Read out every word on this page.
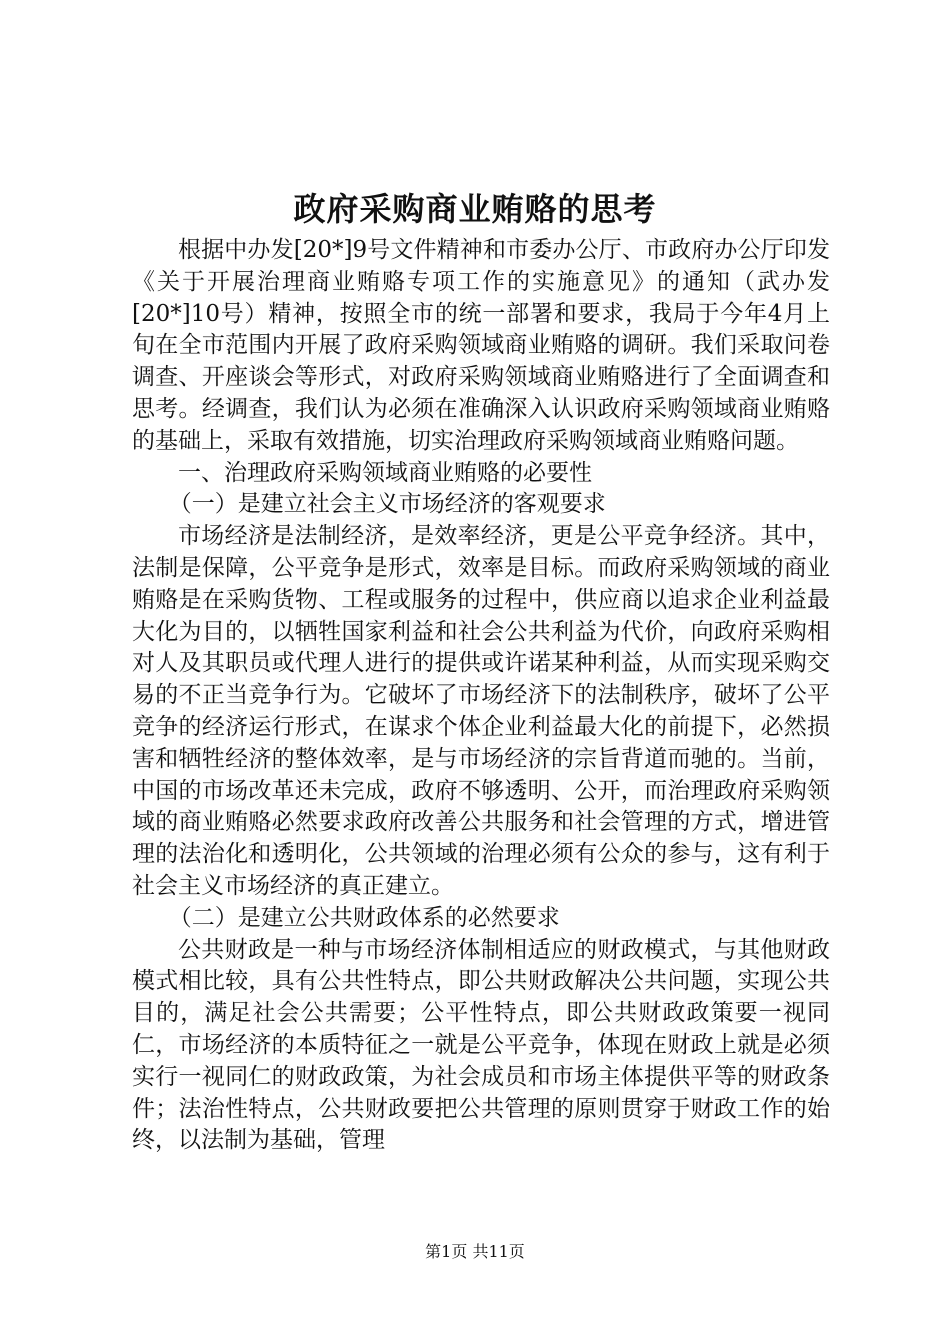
政府采购商业贿赂的思考

根据中办发[20*]9号文件精神和市委办公厅、市政府办公厅印发《关于开展治理商业贿赂专项工作的实施意见》的通知（武办发[20*]10号）精神，按照全市的统一部署和要求，我局于今年4月上旬在全市范围内开展了政府采购领域商业贿赂的调研。我们采取问卷调查、开座谈会等形式，对政府采购领域商业贿赂进行了全面调查和思考。经调查，我们认为必须在准确深入认识政府采购领域商业贿赂的基础上，采取有效措施，切实治理政府采购领域商业贿赂问题。

一、治理政府采购领域商业贿赂的必要性

（一）是建立社会主义市场经济的客观要求

市场经济是法制经济，是效率经济，更是公平竞争经济。其中，法制是保障，公平竞争是形式，效率是目标。而政府采购领域的商业贿赂是在采购货物、工程或服务的过程中，供应商以追求企业利益最大化为目的，以牺牲国家利益和社会公共利益为代价，向政府采购相对人及其职员或代理人进行的提供或许诺某种利益，从而实现采购交易的不正当竞争行为。它破坏了市场经济下的法制秩序，破坏了公平竞争的经济运行形式，在谋求个体企业利益最大化的前提下，必然损害和牺牲经济的整体效率，是与市场经济的宗旨背道而驰的。当前，中国的市场改革还未完成，政府不够透明、公开，而治理政府采购领域的商业贿赂必然要求政府改善公共服务和社会管理的方式，增进管理的法治化和透明化，公共领域的治理必须有公众的参与，这有利于社会主义市场经济的真正建立。

（二）是建立公共财政体系的必然要求

公共财政是一种与市场经济体制相适应的财政模式，与其他财政模式相比较，具有公共性特点，即公共财政解决公共问题，实现公共目的，满足社会公共需要；公平性特点，即公共财政政策要一视同仁，市场经济的本质特征之一就是公平竞争，体现在财政上就是必须实行一视同仁的财政政策，为社会成员和市场主体提供平等的财政条件；法治性特点，公共财政要把公共管理的原则贯穿于财政工作的始终，以法制为基础，管理

第1页 共11页
